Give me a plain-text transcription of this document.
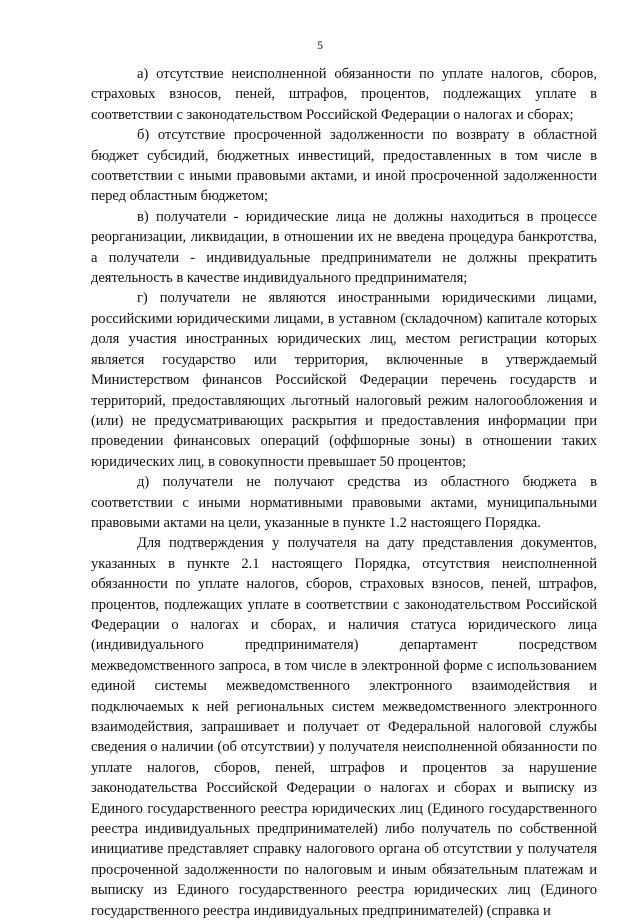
5

а) отсутствие неисполненной обязанности по уплате налогов, сборов, страховых взносов, пеней, штрафов, процентов, подлежащих уплате в соответствии с законодательством Российской Федерации о налогах и сборах;

б) отсутствие просроченной задолженности по возврату в областной бюджет субсидий, бюджетных инвестиций, предоставленных в том числе в соответствии с иными правовыми актами, и иной просроченной задолженности перед областным бюджетом;

в) получатели - юридические лица не должны находиться в процессе реорганизации, ликвидации, в отношении их не введена процедура банкротства, а получатели - индивидуальные предприниматели не должны прекратить деятельность в качестве индивидуального предпринимателя;

г) получатели не являются иностранными юридическими лицами, российскими юридическими лицами, в уставном (складочном) капитале которых доля участия иностранных юридических лиц, местом регистрации которых является государство или территория, включенные в утверждаемый Министерством финансов Российской Федерации перечень государств и территорий, предоставляющих льготный налоговый режим налогообложения и (или) не предусматривающих раскрытия и предоставления информации при проведении финансовых операций (оффшорные зоны) в отношении таких юридических лиц, в совокупности превышает 50 процентов;

д) получатели не получают средства из областного бюджета в соответствии с иными нормативными правовыми актами, муниципальными правовыми актами на цели, указанные в пункте 1.2 настоящего Порядка.

Для подтверждения у получателя на дату представления документов, указанных в пункте 2.1 настоящего Порядка, отсутствия неисполненной обязанности по уплате налогов, сборов, страховых взносов, пеней, штрафов, процентов, подлежащих уплате в соответствии с законодательством Российской Федерации о налогах и сборах, и наличия статуса юридического лица (индивидуального предпринимателя) департамент посредством межведомственного запроса, в том числе в электронной форме с использованием единой системы межведомственного электронного взаимодействия и подключаемых к ней региональных систем межведомственного электронного взаимодействия, запрашивает и получает от Федеральной налоговой службы сведения о наличии (об отсутствии) у получателя неисполненной обязанности по уплате налогов, сборов, пеней, штрафов и процентов за нарушение законодательства Российской Федерации о налогах и сборах и выписку из Единого государственного реестра юридических лиц (Единого государственного реестра индивидуальных предпринимателей) либо получатель по собственной инициативе представляет справку налогового органа об отсутствии у получателя просроченной задолженности по налоговым и иным обязательным платежам и выписку из Единого государственного реестра юридических лиц (Единого государственного реестра индивидуальных предпринимателей) (справка и
